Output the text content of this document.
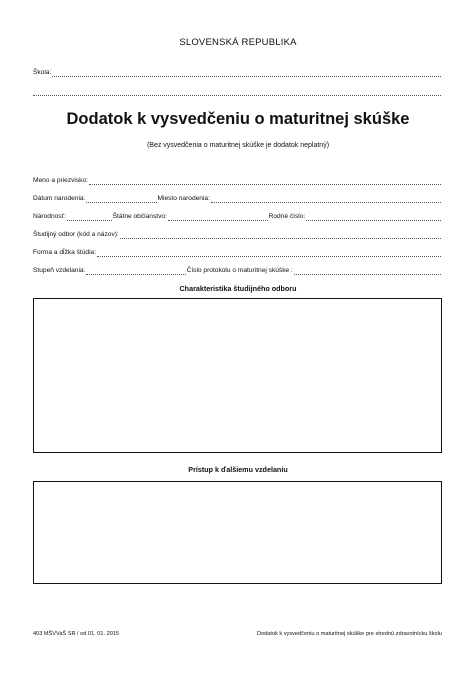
SLOVENSKÁ REPUBLIKA
Škola:
Dodatok k vysvedčeniu o maturitnej skúške
(Bez vysvedčenia o maturitnej skúške je dodatok neplatný)
Meno a priezvisko:
Dátum narodenia:	Miesto narodenia:
Národnosť:	Štátne občianstvo:	Rodné číslo:
Študijný odbor (kód a názov):
Forma a dĺžka štúdia:
Stupeň vzdelania:	Číslo protokolu o maturitnej skúške :
Charakteristika študijného odboru
Prístup k ďalšiemu vzdelaniu
403 MŠVVaŠ SR / od 01. 01. 2015	Dodatok k vysvedčeniu o maturitnej skúške pre strednú zdravotnícku školu
